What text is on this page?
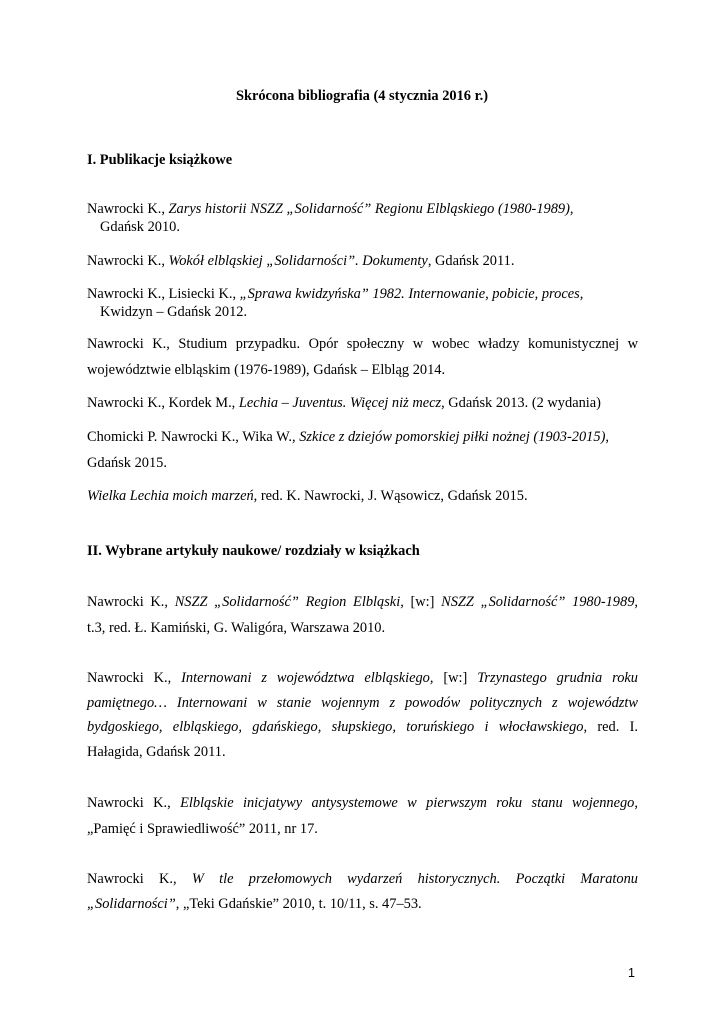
Skrócona bibliografia (4 stycznia 2016 r.)
I. Publikacje książkowe
Nawrocki K., Zarys historii NSZZ „Solidarność” Regionu Elbląskiego (1980-1989),
Gdańsk 2010.
Nawrocki K., Wokół elbląskiej „Solidarności”. Dokumenty, Gdańsk 2011.
Nawrocki K., Lisiecki K., „Sprawa kwidzyńska” 1982. Internowanie, pobicie, proces,
Kwidzyn – Gdańsk 2012.
Nawrocki K., Studium przypadku. Opór społeczny w wobec władzy komunistycznej w
województwie elbląskim (1976-1989), Gdańsk – Elbląg 2014.
Nawrocki K., Kordek M., Lechia – Juventus. Więcej niż mecz, Gdańsk 2013. (2 wydania)
Chomicki P. Nawrocki K., Wika W., Szkice z dziejów pomorskiej piłki nożnej (1903-2015),
Gdańsk 2015.
Wielka Lechia moich marzeń, red. K. Nawrocki, J. Wąsowicz, Gdańsk 2015.
II. Wybrane artykuły naukowe/ rozdziały w książkach
Nawrocki K., NSZZ „Solidarność” Region Elbląski, [w:] NSZZ „Solidarność” 1980-1989,
t.3, red. Ł. Kamiński, G. Waligóra, Warszawa 2010.
Nawrocki K., Internowani z województwa elbląskiego, [w:] Trzynastego grudnia roku
pamiętnego… Internowani w stanie wojennym z powodów politycznych z województw
bydgoskiego, elbląskiego, gdańskiego, słupskiego, toruńskiego i włocławskiego, red. I.
Hałagida, Gdańsk 2011.
Nawrocki K., Elbląskie inicjatywy antysystemowe w pierwszym roku stanu wojennego,
„Pamięć i Sprawiedliwość” 2011, nr 17.
Nawrocki K., W tle przełomowych wydarzeń historycznych. Początki Maratonu
„Solidarności”, „Teki Gdańskie” 2010, t. 10/11, s. 47–53.
1
